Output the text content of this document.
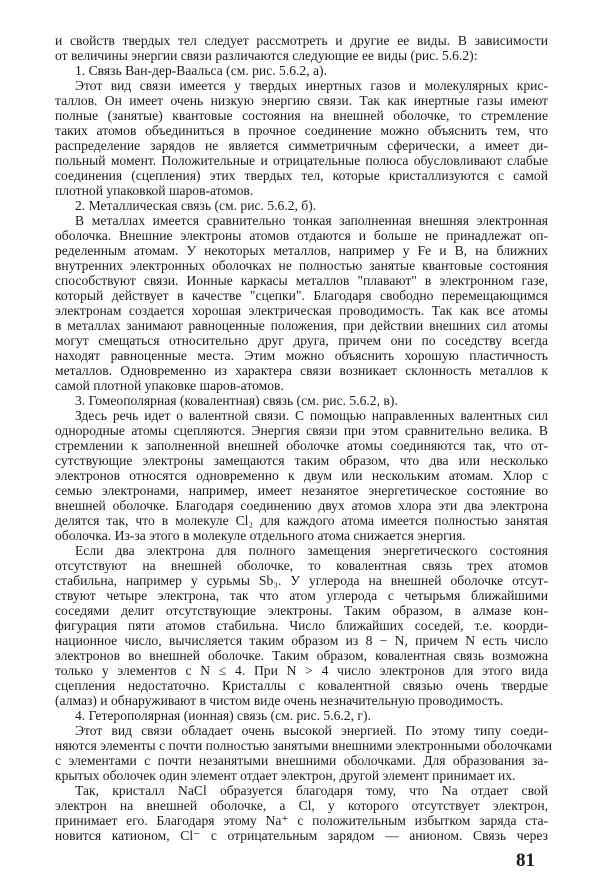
и свойств твердых тел следует рассмотреть и другие ее виды. В зависимости
от величины энергии связи различаются следующие ее виды (рис. 5.6.2):
1. Связь Ван-дер-Ваальса (см. рис. 5.6.2, а).
Этот вид связи имеется у твердых инертных газов и молекулярных крис-
таллов. Он имеет очень низкую энергию связи. Так как инертные газы имеют
полные (занятые) квантовые состояния на внешней оболочке, то стремление
таких атомов объединиться в прочное соединение можно объяснить тем, что
распределение зарядов не является симметричным сферически, а имеет ди-
польный момент. Положительные и отрицательные полюса обусловливают слабые
соединения (сцепления) этих твердых тел, которые кристаллизуются с самой
плотной упаковкой шаров-атомов.
2. Металлическая связь (см. рис. 5.6.2, б).
В металлах имеется сравнительно тонкая заполненная внешняя электронная
оболочка. Внешние электроны атомов отдаются и больше не принадлежат оп-
ределенным атомам. У некоторых металлов, например у Fe и B, на ближних
внутренних электронных оболочках не полностью занятые квантовые состояния
способствуют связи. Ионные каркасы металлов "плавают" в электронном газе,
который действует в качестве "сцепки". Благодаря свободно перемещающимся
электронам создается хорошая электрическая проводимость. Так как все атомы
в металлах занимают равноценные положения, при действии внешних сил атомы
могут смещаться относительно друг друга, причем они по соседству всегда
находят равноценные места. Этим можно объяснить хорошую пластичность
металлов. Одновременно из характера связи возникает склонность металлов к
самой плотной упаковке шаров-атомов.
3. Гомеополярная (ковалентная) связь (см. рис. 5.6.2, в).
Здесь речь идет о валентной связи. С помощью направленных валентных сил
однородные атомы сцепляются. Энергия связи при этом сравнительно велика. В
стремлении к заполненной внешней оболочке атомы соединяются так, что от-
сутствующие электроны замещаются таким образом, что два или несколько
электронов относятся одновременно к двум или нескольким атомам. Хлор с
семью электронами, например, имеет незанятое энергетическое состояние во
внешней оболочке. Благодаря соединению двух атомов хлора эти два электрона
делятся так, что в молекуле Cl₂ для каждого атома имеется полностью занятая
оболочка. Из-за этого в молекуле отдельного атома снижается энергия.
Если два электрона для полного замещения энергетического состояния
отсутствуют на внешней оболочке, то ковалентная связь трех атомов
стабильна, например у сурьмы Sb₃. У углерода на внешней оболочке отсут-
ствуют четыре электрона, так что атом углерода с четырьмя ближайшими
соседями делит отсутствующие электроны. Таким образом, в алмазе кон-
фигурация пяти атомов стабильна. Число ближайших соседей, т.е. коорди-
национное число, вычисляется таким образом из 8 − N, причем N есть число
электронов во внешней оболочке. Таким образом, ковалентная связь возможна
только у элементов с N ≤ 4. При N > 4 число электронов для этого вида
сцепления недостаточно. Кристаллы с ковалентной связью очень твердые
(алмаз) и обнаруживают в чистом виде очень незначительную проводимость.
4. Гетерополярная (ионная) связь (см. рис. 5.6.2, г).
Этот вид связи обладает очень высокой энергией. По этому типу соеди-
няются элементы с почти полностью занятыми внешними электронными оболочками
с элементами с почти незанятыми внешними оболочками. Для образования за-
крытых оболочек один элемент отдает электрон, другой элемент принимает их.
Так, кристалл NaCl образуется благодаря тому, что Na отдает свой
электрон на внешней оболочке, а Cl, у которого отсутствует электрон,
принимает его. Благодаря этому Na⁺ с положительным избытком заряда ста-
новится катионом, Cl⁻ с отрицательным зарядом — анионом. Связь через
81
